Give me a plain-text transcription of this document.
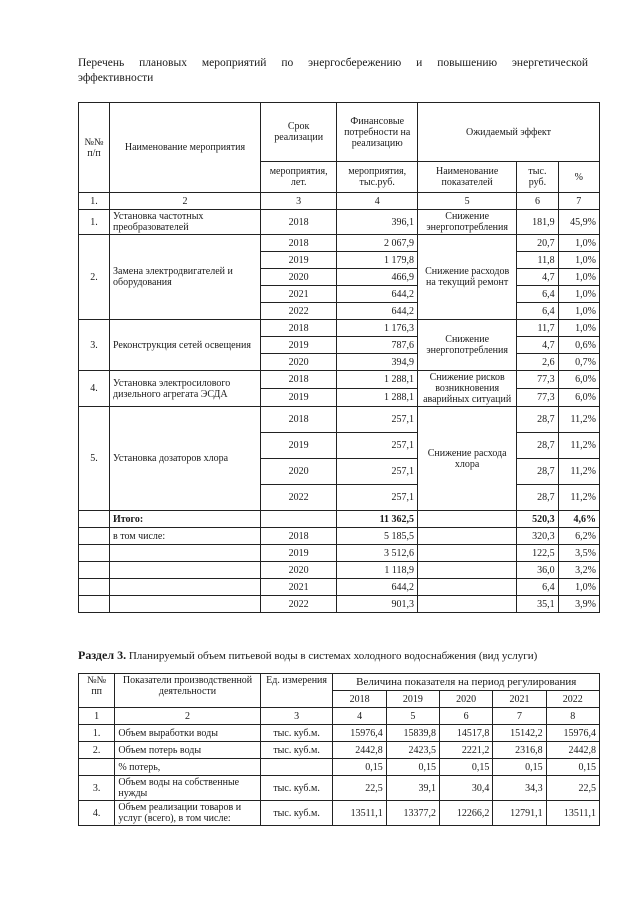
Перечень плановых мероприятий по энергосбережению и повышению энергетической
эффективности
№№ п/п	Наименование мероприятия	Срок реализации	Финансовые потребности на реализацию	Ожидаемый эффект		
		мероприятия, лет.	мероприятия, тыс.руб.	Наименование показателей	тыс. руб.	%
1.	2	3	4	5	6	7
1.	Установка частотных преобразователей	2018	396,1	Снижение энергопотребления	181,9	45,9%
2.	Замена электродвигателей и оборудования	2018	2 067,9	Снижение расходов на текущий ремонт	20,7	1,0%
		2019	1 179,8		11,8	1,0%
		2020	466,9		4,7	1,0%
		2021	644,2		6,4	1,0%
		2022	644,2		6,4	1,0%
3.	Реконструкция сетей освещения	2018	1 176,3	Снижение энергопотребления	11,7	1,0%
		2019	787,6		4,7	0,6%
		2020	394,9		2,6	0,7%
4.	Установка электросилового дизельного агрегата ЭСДА	2018	1 288,1	Снижение рисков возникновения аварийных ситуаций	77,3	6,0%
		2019	1 288,1		77,3	6,0%
5.	Установка дозаторов хлора	2018	257,1	Снижение расхода хлора	28,7	11,2%
		2019	257,1		28,7	11,2%
		2020	257,1		28,7	11,2%
		2022	257,1		28,7	11,2%
	Итого:		11 362,5		520,3	4,6%
	в том числе:	2018	5 185,5		320,3	6,2%
		2019	3 512,6		122,5	3,5%
		2020	1 118,9		36,0	3,2%
		2021	644,2		6,4	1,0%
		2022	901,3		35,1	3,9%
Раздел 3. Планируемый объем питьевой воды в системах холодного водоснабжения (вид услуги)
№№ пп	Показатели производственной деятельности	Ед. измерения	Величина показателя на период регулирования				
			2018	2019	2020	2021	2022
1	2	3	4	5	6	7	8
1.	Объем выработки воды	тыс. куб.м.	15976,4	15839,8	14517,8	15142,2	15976,4
2.	Объем потерь воды	тыс. куб.м.	2442,8	2423,5	2221,2	2316,8	2442,8
	% потерь,		0,15	0,15	0,15	0,15	0,15
3.	Объем воды на собственные нужды	тыс. куб.м.	22,5	39,1	30,4	34,3	22,5
4.	Объем реализации товаров и услуг (всего), в том числе:	тыс. куб.м.	13511,1	13377,2	12266,2	12791,1	13511,1
